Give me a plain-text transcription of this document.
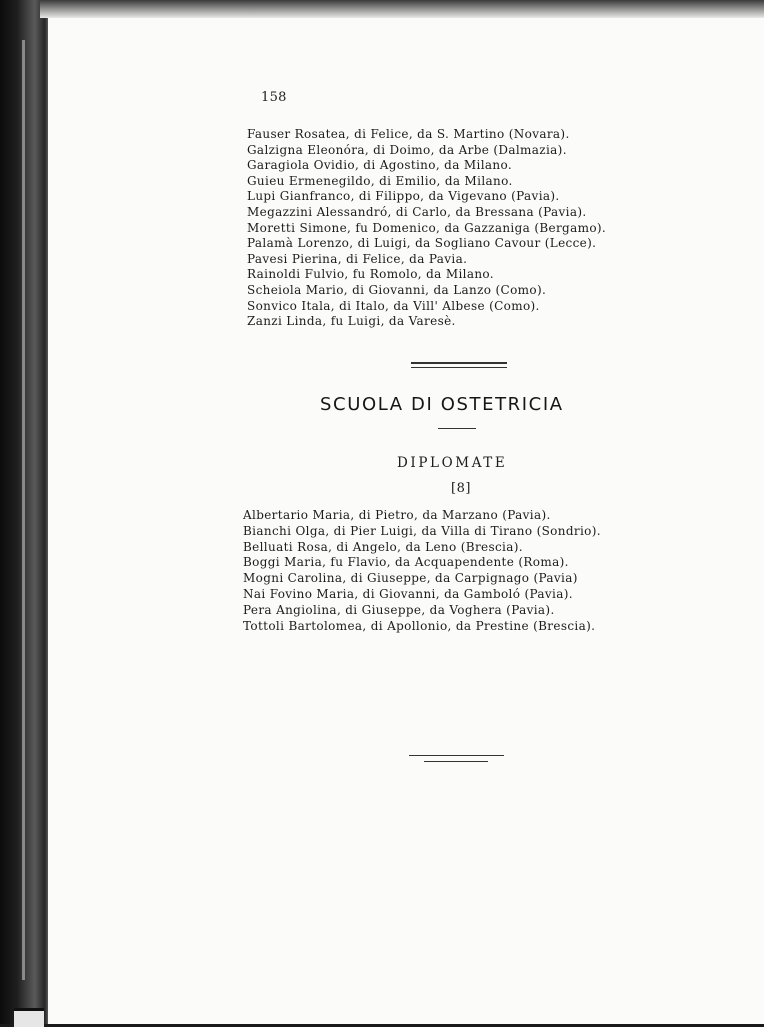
158
Fauser Rosatea, di Felice, da S. Martino (Novara).
Galzigna Eleonóra, di Doimo, da Arbe (Dalmazia).
Garagiola Ovidio, di Agostino, da Milano.
Guieu Ermenegildo, di Emilio, da Milano.
Lupi Gianfranco, di Filippo, da Vigevano (Pavia).
Megazzini Alessandró, di Carlo, da Bressana (Pavia).
Moretti Simone, fu Domenico, da Gazzaniga (Bergamo).
Palamà Lorenzo, di Luigi, da Sogliano Cavour (Lecce).
Pavesi Pierina, di Felice, da Pavia.
Rainoldi Fulvio, fu Romolo, da Milano.
Scheiola Mario, di Giovanni, da Lanzo (Como).
Sonvico Itala, di Italo, da Vill' Albese (Como).
Zanzi Linda, fu Luigi, da Varesè.
SCUOLA DI OSTETRICIA
DIPLOMATE
[8]
Albertario Maria, di Pietro, da Marzano (Pavia).
Bianchi Olga, di Pier Luigi, da Villa di Tirano (Sondrio).
Belluati Rosa, di Angelo, da Leno (Brescia).
Boggi Maria, fu Flavio, da Acquapendente (Roma).
Mogni Carolina, di Giuseppe, da Carpignago (Pavia)
Nai Fovino Maria, di Giovanni, da Gamboló (Pavia).
Pera Angiolina, di Giuseppe, da Voghera (Pavia).
Tottoli Bartolomea, di Apollonio, da Prestine (Brescia).
